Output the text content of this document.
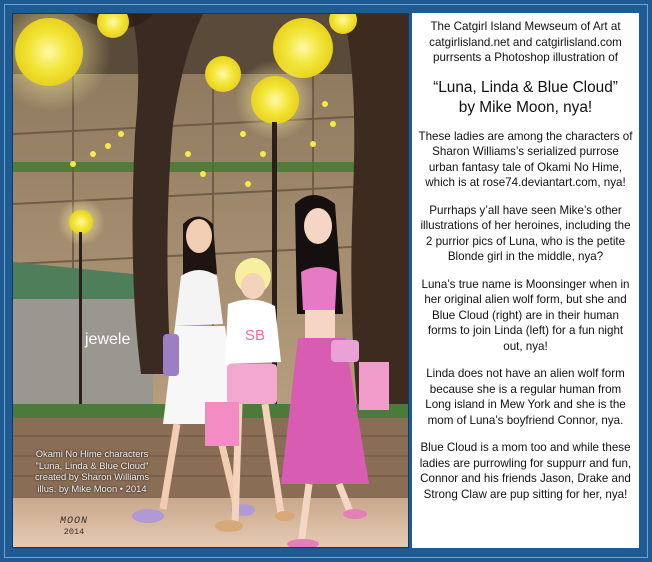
jewele	SB
Okami No Hime characters
"Luna, Linda & Blue Cloud"
created by Sharon Williams
illus. by Mike Moon • 2014
MOON
2014

The Catgirl Island Mewseum of Art at catgirlisland.net and catgirlisland.com purrsents a Photoshop illustration of

“Luna, Linda & Blue Cloud”
by Mike Moon, nya!

These ladies are among the characters of Sharon Williams’s serialized purrose urban fantasy tale of Okami No Hime, which is at rose74.deviantart.com, nya!

Purrhaps y’all have seen Mike’s other illustrations of her heroines, including the 2 purrior pics of Luna, who is the petite Blonde girl in the middle, nya?

Luna’s true name is Moonsinger when in her original alien wolf form, but she and Blue Cloud (right) are in their human forms to join Linda (left) for a fun night out, nya!

Linda does not have an alien wolf form because she is a regular human from Long island in Mew York and she is the mom of Luna’s boyfriend Connor, nya.

Blue Cloud is a mom too and while these ladies are purrowling for suppurr and fun, Connor and his friends Jason, Drake and Strong Claw are pup sitting for her, nya!
